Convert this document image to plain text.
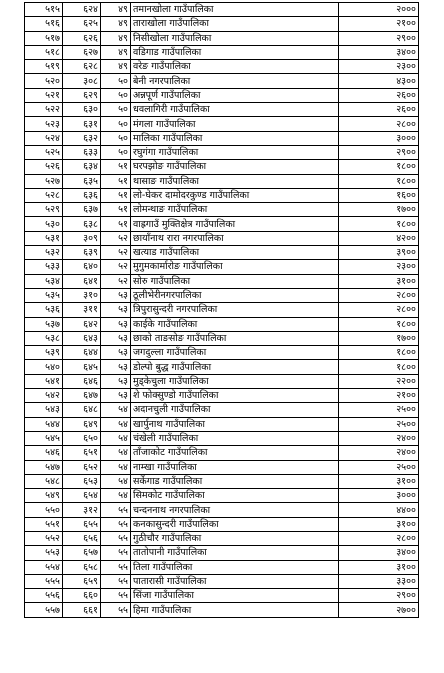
५१५	६२४	४९	तमानखोला गाउँपालिका	२०००
५१६	६२५	४९	ताराखोला गाउँपालिका	२१००
५१७	६२६	४९	निसीखोला गाउँपालिका	२९००
५१८	६२७	४९	वडिगाड गाउँपालिका	३४००
५१९	६२८	४९	वरेङ गाउँपालिका	२३००
५२०	३०८	५०	बेनी नगरपालिका	४३००
५२१	६२९	५०	अन्नपूर्ण गाउँपालिका	२६००
५२२	६३०	५०	धवलागिरी गाउँपालिका	२६००
५२३	६३१	५०	मंगला गाउँपालिका	२८००
५२४	६३२	५०	मालिका गाउँपालिका	३०००
५२५	६३३	५०	रघुगंगा गाउँपालिका	२९००
५२६	६३४	५१	घरपझोङ गाउँपालिका	१८००
५२७	६३५	५१	थासाङ गाउँपालिका	१८००
५२८	६३६	५१	लो-घेकर दामोदरकुण्ड गाउँपालिका	१६००
५२९	६३७	५१	लोमन्थाङ गाउँपालिका	१७००
५३०	६३८	५१	वाह्रगाउँ मुक्तिक्षेत्र गाउँपालिका	१८००
५३१	३०९	५२	छायाँनाथ रारा नगरपालिका	४२००
५३२	६३९	५२	खत्याड गाउँपालिका	३९००
५३३	६४०	५२	मुगुमकार्मारोङ गाउँपालिका	२३००
५३४	६४१	५२	सोरु गाउँपालिका	३१००
५३५	३१०	५३	ठूलीभेरीनगरपालिका	२८००
५३६	३११	५३	त्रिपुरासुन्दरी नगरपालिका	२८००
५३७	६४२	५३	काईके गाउँपालिका	१८००
५३८	६४३	५३	छाको ताङसोङ गाउँपालिका	१७००
५३९	६४४	५३	जगदुल्ला गाउँपालिका	१८००
५४०	६४५	५३	डोल्पो बुद्ध गाउँपालिका	१८००
५४१	६४६	५३	मुड्केचुला गाउँपालिका	२२००
५४२	६४७	५३	शे फोक्सुण्डो गाउँपालिका	२१००
५४३	६४८	५४	अदानचुली गाउँपालिका	२५००
५४४	६४९	५४	खार्पुनाथ गाउँपालिका	२५००
५४५	६५०	५४	चंखेली गाउँपालिका	२४००
५४६	६५१	५४	ताँजाकोट गाउँपालिका	२४००
५४७	६५२	५४	नाम्खा गाउँपालिका	२५००
५४८	६५३	५४	सर्केगाड गाउँपालिका	३१००
५४९	६५४	५४	सिमकोट गाउँपालिका	३०००
५५०	३१२	५५	चन्दननाथ नगरपालिका	४४००
५५१	६५५	५५	कनकासुन्दरी गाउँपालिका	३१००
५५२	६५६	५५	गुठीचौर गाउँपालिका	२८००
५५३	६५७	५५	तातोपानी गाउँपालिका	३४००
५५४	६५८	५५	तिला गाउँपालिका	३१००
५५५	६५९	५५	पातारासी गाउँपालिका	३३००
५५६	६६०	५५	सिंजा गाउँपालिका	२९००
५५७	६६१	५५	हिमा गाउँपालिका	२७००
